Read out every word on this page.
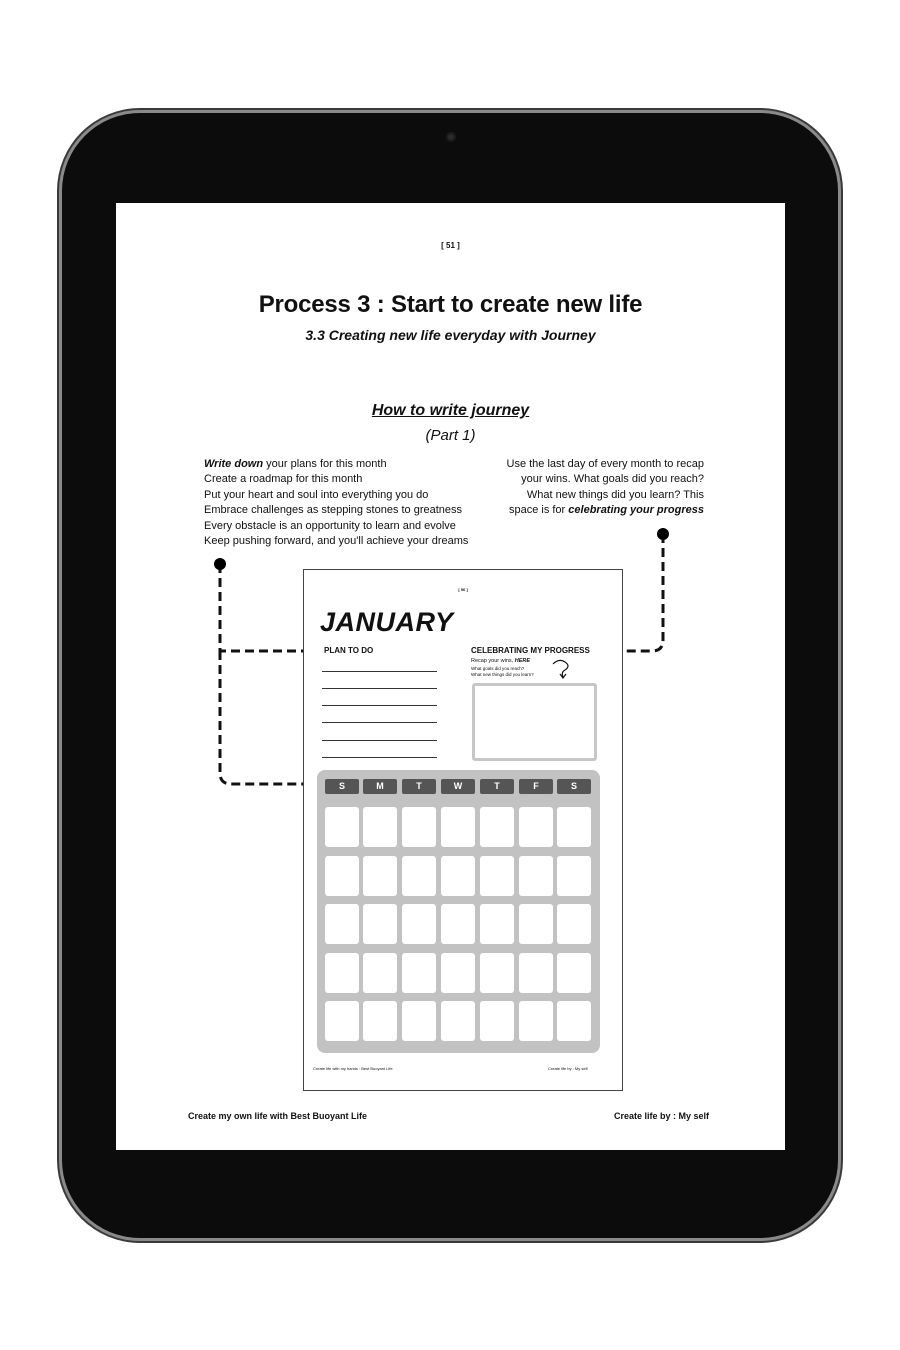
[ 51 ]
Process 3 : Start to create new life
3.3 Creating new life everyday with Journey
How to write journey
(Part 1)
Write down your plans for this month
Create a roadmap for this month
Put your heart and soul into everything you do
Embrace challenges as stepping stones to greatness
Every obstacle is an opportunity to learn and evolve
Keep pushing forward, and you'll achieve your dreams
Use the last day of every month to recap
your wins. What goals did you reach?
What new things did you learn? This
space is for celebrating your progress
[ 56 ]
JANUARY
PLAN TO DO	CELEBRATING MY PROGRESS
Recap your wins, HERE
What goals did you reach?
What new things did you learn?
S	M	T	W	T	F	S
Create life with my hands : Best Buoyant Life	Create life by : My self
Create my own life with Best Buoyant Life	Create life by : My self
